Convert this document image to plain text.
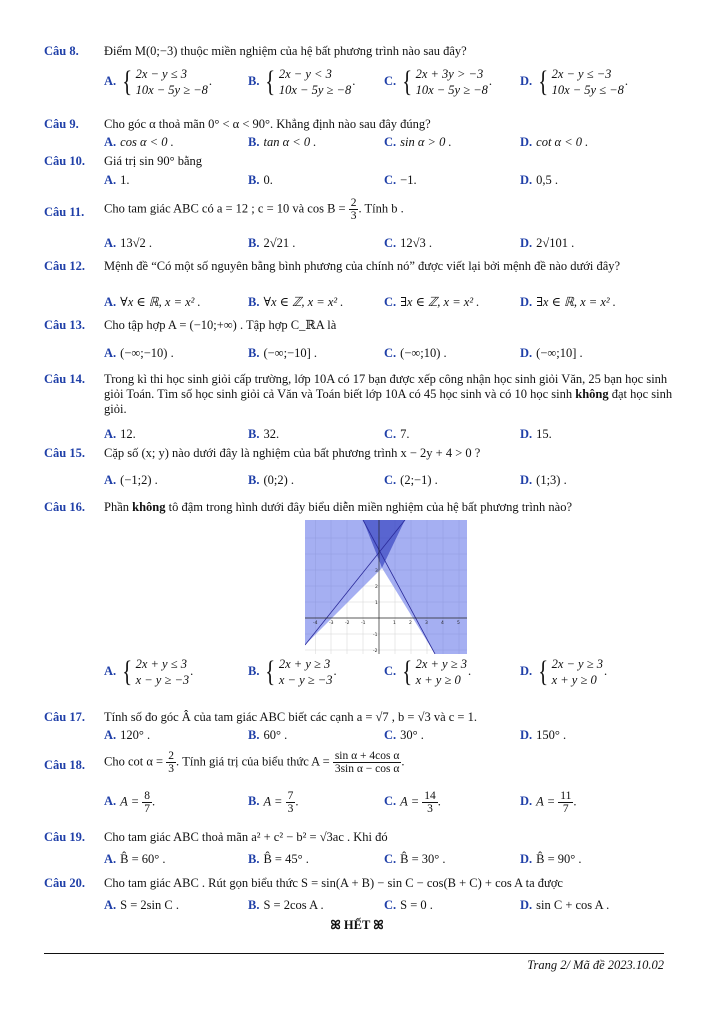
Câu 8. Điểm M(0;−3) thuộc miền nghiệm của hệ bất phương trình nào sau đây?
A. { 2x − y ≤ 3
10x − 5y ≥ −8
.	B. { 2x − y < 3
10x − 5y ≥ −8
. C. { 2x + 3y > −3
10x − 5y ≥ −8
. D. { 2x − y ≤ −3
10x − 5y ≤ −8
.
Câu 9. Cho góc α thoả mãn 0° < α < 90°. Khẳng định nào sau đây đúng?
A. cos α < 0 .	B. tan α < 0 .	C. sin α > 0 .	D. cot α < 0 .
Câu 10. Giá trị sin 90° bằng
A. 1.	B. 0.	C. −1.	D. 0,5 .
Câu 11. Cho tam giác ABC có a = 12 ; c = 10 và $\cos B = \frac{2}{3}$ . Tính b .
A. 13√2 .	B. 2√21 .	C. 12√3 .	D. 2√101 .
Câu 12. Mệnh đề “Có một số nguyên bằng bình phương của chính nó” được viết lại bởi mệnh đề nào dưới đây?
A. ∀x ∈ ℝ, x = x² .	B. ∀x ∈ ℤ, x = x² .	C. ∃x ∈ ℤ, x = x² .	D. ∃x ∈ ℝ, x = x² .
Câu 13. Cho tập hợp A = (−10;+∞) . Tập hợp C_ℝA là
A. (−∞;−10) .	B. (−∞;−10] .	C. (−∞;10) .	D. (−∞;10] .
Câu 14. Trong kì thi học sinh giỏi cấp trường, lớp 10A có 17 bạn được xếp công nhận học sinh giỏi Văn, 25 bạn học sinh giỏi Toán. Tìm số học sinh giỏi cả Văn và Toán biết lớp 10A có 45 học sinh và có 10 học sinh không đạt học sinh giỏi.
A. 12.	B. 32.	C. 7.	D. 15.
Câu 15. Cặp số (x; y) nào dưới đây là nghiệm của bất phương trình x − 2y + 4 > 0 ?
A. (−1;2) .	B. (0;2) .	C. (2;−1) .	D. (1;3) .
Câu 16. Phần không tô đậm trong hình dưới đây biểu diễn miền nghiệm của hệ bất phương trình nào?
-4	-3	-2	-1	1	2	3	4	5
3
2
1
-1
-2
A. { 2x + y ≤ 3
x − y ≥ −3
.	B. { 2x + y ≥ 3
x − y ≥ −3
.	C. { 2x + y ≥ 3
x + y ≥ 0
.	D. { 2x − y ≥ 3
x + y ≥ 0
.
Câu 17. Tính số đo góc Â của tam giác ABC biết các cạnh a = √7 , b = √3 và c = 1.
A. 120° .	B. 60° .	C. 30° .	D. 150° .
Câu 18. Cho $\cot \alpha = \frac{2}{3}$ . Tính giá trị của biểu thức $A = \frac{\text{sin α + 4cos α}}{\text{3sin α − cos α}}$ .
A. $A = \frac{8}{7}$ .	B. $A = \frac{7}{3}$ .	C. $A = \frac{14}{3}$ .	D. $A = \frac{11}{7}$ .
Câu 19. Cho tam giác ABC thoả mãn a² + c² − b² = √3ac . Khi đó
A. B̂ = 60° .	B. B̂ = 45° .	C. B̂ = 30° .	D. B̂ = 90° .
Câu 20. Cho tam giác ABC . Rút gọn biểu thức S = sin(A + B) − sin C − cos(B + C) + cos A ta được
A. S = 2sin C .	B. S = 2cos A .	C. S = 0 .	D. sin C + cos A .
ꕤ HẾT ꕤ
Trang 2/ Mã đề 2023.10.02
